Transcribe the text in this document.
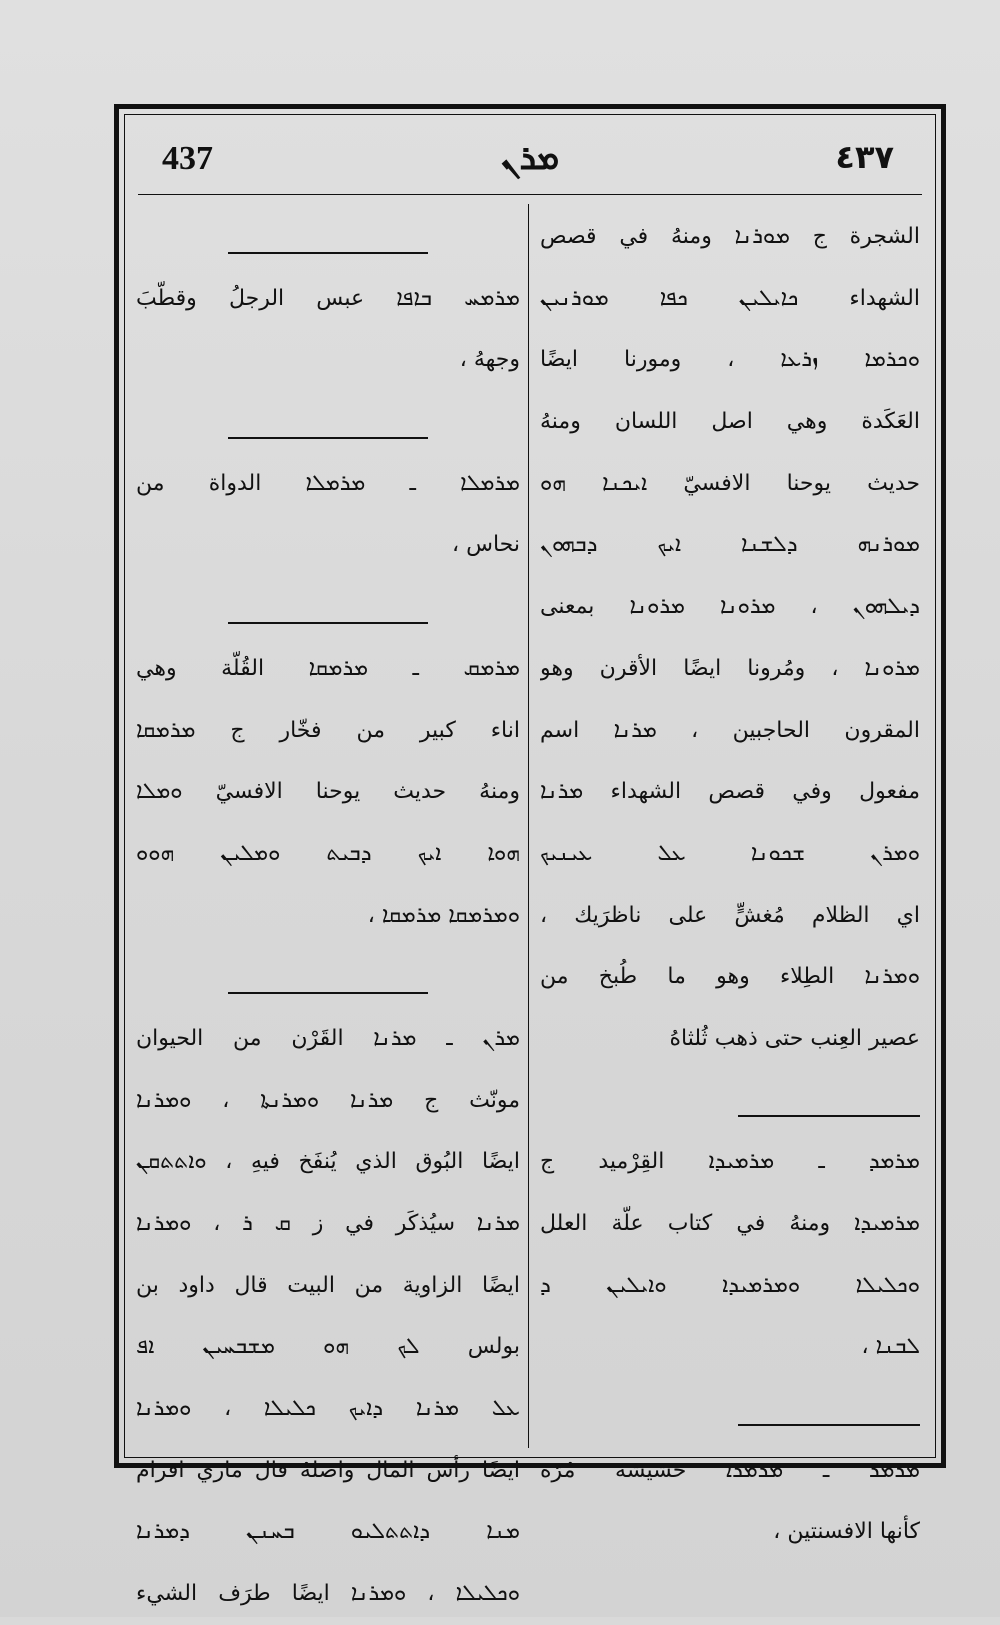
437	ܡܪܢ	٤٣٧
الشجرة ج ܡܘܪܢܐ ومنهُ في قصص
الشهداء ܟܐܝܠܝܢ ܟܦܐ ܡܘܪܢܝܢ
ܘܟܪܡܐ ܙܪܥܐ ، ومورنا ايضًا
العَكَدة وهي اصل اللسان ومنهُ
حديث يوحنا الافسيّ ܐܝܟܢܐ ܗܘ
ܡܘܪܢܗ ܕܠܫܢܐ ܐܝܟ ܕܒܗܘܢ
ܕܝܠܗܘܢ ، ܡܪܘܢܐ ܡܪܘܢܐ بمعنى
ܡܪܘܢܐ ، ومُرونا ايضًا الأقرن وهو
المقرون الحاجبين ، ܡܪܢܐ اسم
مفعول وفي قصص الشهداء ܡܪܢܐ
ܘܡܪܢ ܫܟܘܢܐ ܥܠ ܥܝܢܝܟ
اي الظلام مُغشٍّ على ناظرَيك ،
ܘܡܪܢܐ الطِلاء وهو ما طُبخ من
عصير العِنب حتى ذهب ثُلثاهُ
ܡܪܡܕ ـ ܡܪܡܝܕܐ القِرْميد ج
ܡܪܡܝܕܐ ومنهُ في كتاب علّة العلل
ܘܟܠܝܠܐ ܘܡܪܡܝܕܐ ܘܐܝܠܝܢ ܕ
ܠܒܢܐ ،
ܡܪܡܪ ـ ܡܪܡܪܐ حشيشة مُرّة
كأنها الافسنتين ،
ܡܪܡܚ ܒܐܦܐ عبس الرجلُ وقطّبَ
وجههُ ،
ܡܪܡܠܐ ـ ܡܪܡܠܐ الدواة من
نحاس ،
ܡܪܡܩ ـ ܡܪܡܩܐ القُلّة وهي
اناء كبير من فخّار ج ܡܪܡܩܐ
ومنهُ حديث يوحنا الافسيّ ܘܡܠܐ
ܗܘܐ ܐܝܟ ܕܒܝܬ ܘܡܠܝܢ ܗܘܘ
ܘܡܪܡܩܐ ܡܪܡܩܐ ،
ܡܪܢ ـ ܡܪܢܐ القَرْن من الحيوان
مونّث ج ܡܪܢܐ ܘܡܪܢܬܐ ، ܘܡܪܢܐ
ايضًا البُوق الذي يُنفَخ فيهِ ، ܘܐܬܬܩܢ
ܡܪܢܐ سيُذكَر في ز ܩ ܪ ، ܘܡܪܢܐ
ايضًا الزاوية من البيت قال داود بن
بولس ܠܟ ܗܘ ܡܫܒܚܝܢ ܐܦ
ܥܠ ܡܪܢܐ ܕܐܝܟ ܟܠܝܠܐ ، ܘܡܪܢܐ
ايضًا رأس المال واصلهُ قال ماري افرام
ܡܢܐ ܕܐܬܬܠܝܘ ܒܚܢܢ ܕܡܪܢܐ
ܘܟܠܝܠܐ ، ܘܡܪܢܐ ايضًا طرَف الشيء
